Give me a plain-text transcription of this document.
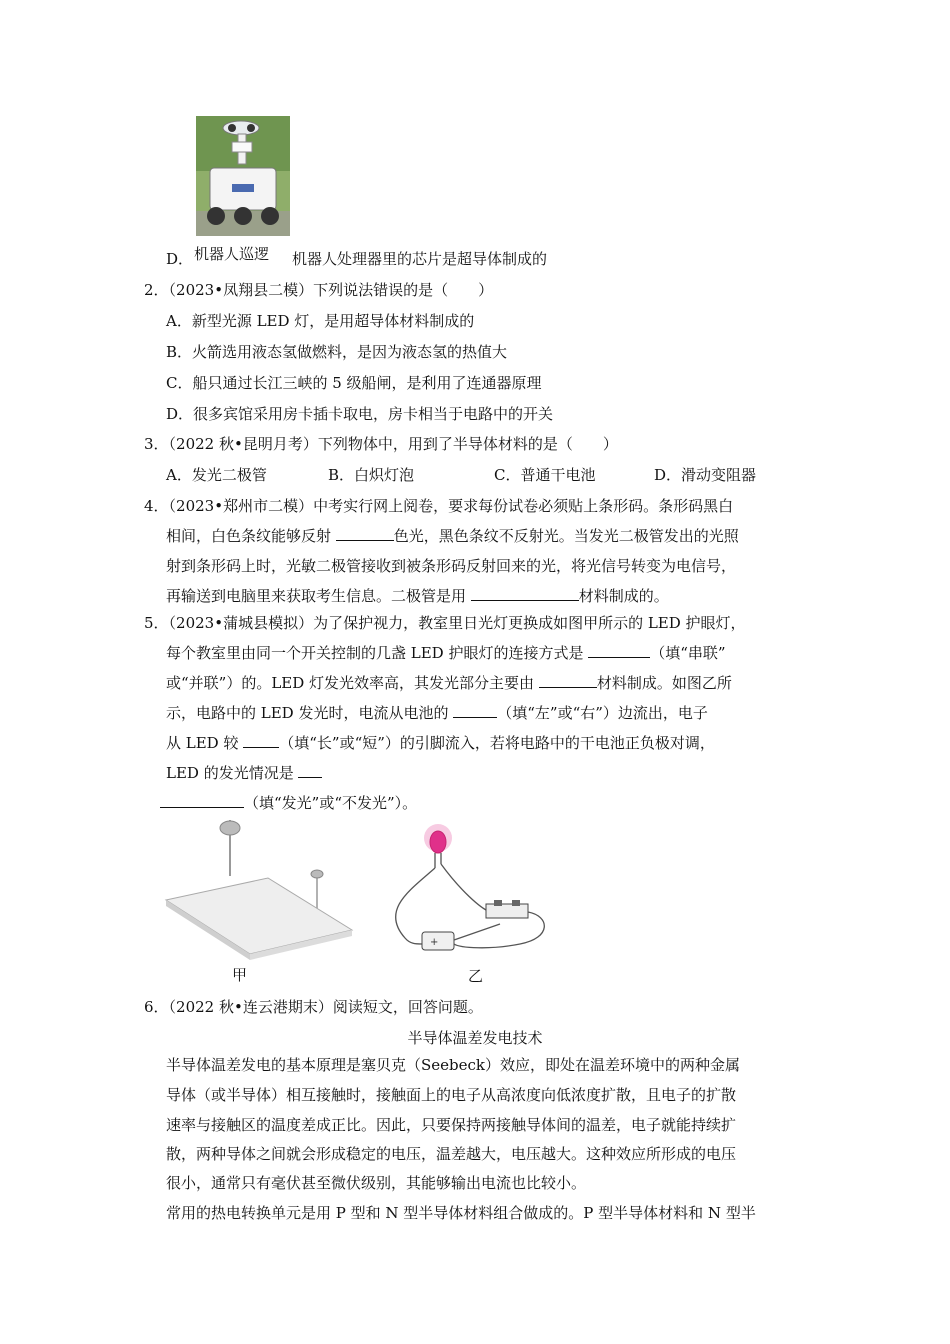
机器人巡逻
D．	机器人处理器里的芯片是超导体制成的
2．（2023•凤翔县二模）下列说法错误的是（　　）
A．新型光源 LED 灯，是用超导体材料制成的
B．火箭选用液态氢做燃料，是因为液态氢的热值大
C．船只通过长江三峡的 5 级船闸，是利用了连通器原理
D．很多宾馆采用房卡插卡取电，房卡相当于电路中的开关
3．（2022 秋•昆明月考）下列物体中，用到了半导体材料的是（　　）
A．发光二极管	B．白炽灯泡	C．普通干电池	D．滑动变阻器
4．（2023•郑州市二模）中考实行网上阅卷，要求每份试卷必须贴上条形码。条形码黑白
相间，白色条纹能够反射	色光，黑色条纹不反射光。当发光二极管发出的光照
射到条形码上时，光敏二极管接收到被条形码反射回来的光，将光信号转变为电信号，
再输送到电脑里来获取考生信息。二极管是用	材料制成的。
5．（2023•蒲城县模拟）为了保护视力，教室里日光灯更换成如图甲所示的 LED 护眼灯，
每个教室里由同一个开关控制的几盏 LED 护眼灯的连接方式是	（填“串联”
或“并联”）的。LED 灯发光效率高，其发光部分主要由	材料制成。如图乙所
示，电路中的 LED 发光时，电流从电池的	（填“左”或“右”）边流出，电子
从 LED 较 （填“长”或“短”）的引脚流入，若将电路中的干电池正负极对调，
LED 的发光情况是
（填“发光”或“不发光”）。
+
甲	乙
6．（2022 秋•连云港期末）阅读短文，回答问题。
半导体温差发电技术
半导体温差发电的基本原理是塞贝克（Seebeck）效应，即处在温差环境中的两种金属
导体（或半导体）相互接触时，接触面上的电子从高浓度向低浓度扩散，且电子的扩散
速率与接触区的温度差成正比。因此，只要保持两接触导体间的温差，电子就能持续扩
散，两种导体之间就会形成稳定的电压，温差越大，电压越大。这种效应所形成的电压
很小，通常只有毫伏甚至微伏级别，其能够输出电流也比较小。
常用的热电转换单元是用 P 型和 N 型半导体材料组合做成的。P 型半导体材料和 N 型半
